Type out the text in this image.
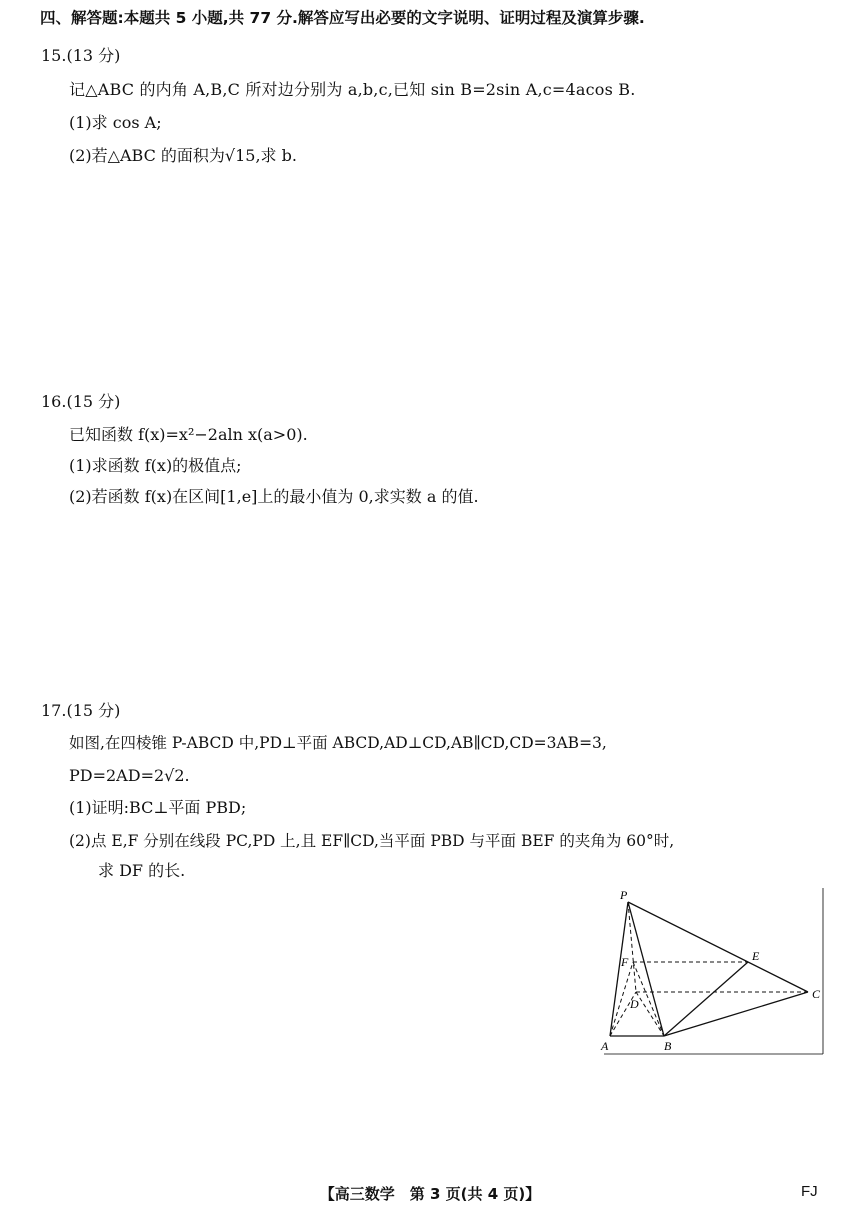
四、解答题:本题共 5 小题,共 77 分.解答应写出必要的文字说明、证明过程及演算步骤.
15.(13 分)
记△ABC 的内角 A,B,C 所对边分别为 a,b,c,已知 sin B=2sin A,c=4acos B.
(1)求 cos A;
(2)若△ABC 的面积为√15,求 b.
16.(15 分)
已知函数 f(x)=x²−2aln x(a>0).
(1)求函数 f(x)的极值点;
(2)若函数 f(x)在区间[1,e]上的最小值为 0,求实数 a 的值.
17.(15 分)
如图,在四棱锥 P-ABCD 中,PD⊥平面 ABCD,AD⊥CD,AB∥CD,CD=3AB=3,
PD=2AD=2√2.
(1)证明:BC⊥平面 PBD;
(2)点 E,F 分别在线段 PC,PD 上,且 EF∥CD,当平面 PBD 与平面 BEF 的夹角为 60°时,
求 DF 的长.
P
E
F
C
D
A	B
【高三数学　第 3 页(共 4 页)】	FJ
